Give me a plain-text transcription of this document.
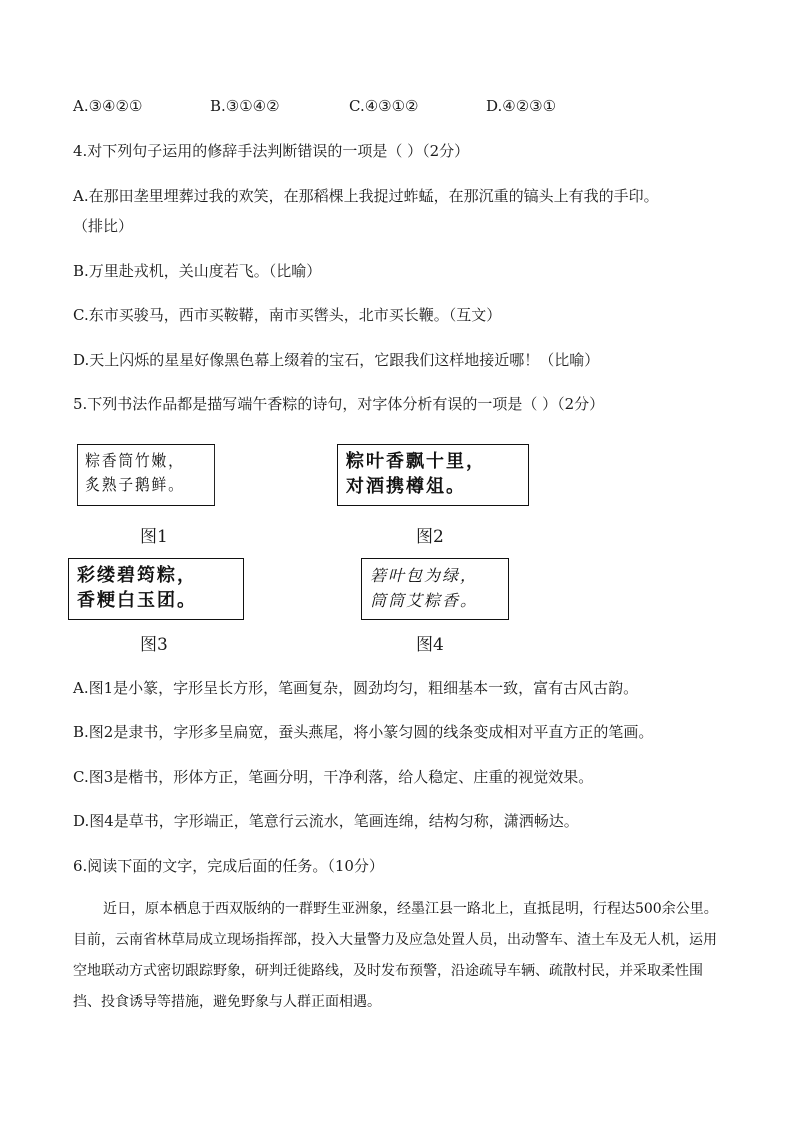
A.③④②①	B.③①④②	C.④③①②	D.④②③①
4.对下列句子运用的修辞手法判断错误的一项是（ ）（2分）
A.在那田垄里埋葬过我的欢笑，在那稻棵上我捉过蚱蜢，在那沉重的镐头上有我的手印。
（排比）
B.万里赴戎机，关山度若飞。（比喻）
C.东市买骏马，西市买鞍鞯，南市买辔头，北市买长鞭。（互文）
D.天上闪烁的星星好像黑色幕上缀着的宝石，它跟我们这样地接近哪！（比喻）
5.下列书法作品都是描写端午香粽的诗句，对字体分析有误的一项是（ ）（2分）
粽香筒竹嫩，
炙熟子鹅鲜。
图1
粽叶香飘十里，
对酒携樽俎。
图2
彩缕碧筠粽，
香粳白玉团。
图3
箬叶包为绿，
筒筒艾粽香。
图4
A.图1是小篆，字形呈长方形，笔画复杂，圆劲均匀，粗细基本一致，富有古风古韵。
B.图2是隶书，字形多呈扁宽，蚕头燕尾，将小篆匀圆的线条变成相对平直方正的笔画。
C.图3是楷书，形体方正，笔画分明，干净利落，给人稳定、庄重的视觉效果。
D.图4是草书，字形端正，笔意行云流水，笔画连绵，结构匀称，潇洒畅达。
6.阅读下面的文字，完成后面的任务。（10分）
近日，原本栖息于西双版纳的一群野生亚洲象，经墨江县一路北上，直抵昆明，行程达500余公里。目前，云南省林草局成立现场指挥部，投入大量警力及应急处置人员，出动警车、渣土车及无人机，运用空地联动方式密切跟踪野象，研判迁徙路线，及时发布预警，沿途疏导车辆、疏散村民，并采取柔性围挡、投食诱导等措施，避免野象与人群正面相遇。
